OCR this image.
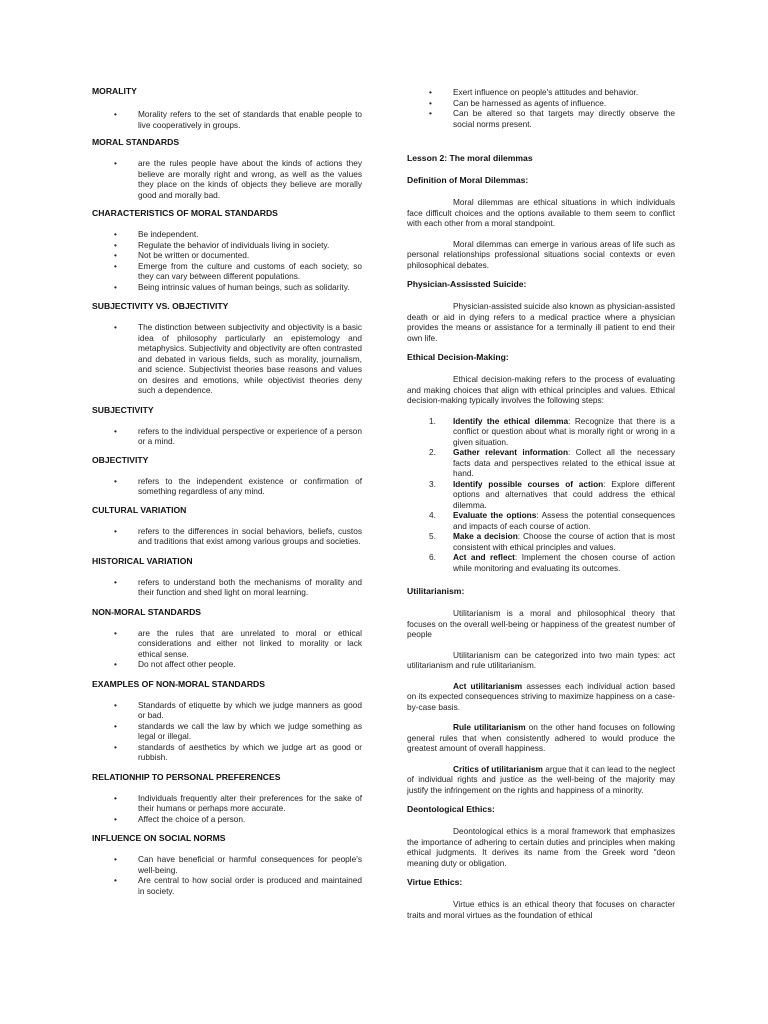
MORALITY

•	Morality refers to the set of standards that enable people to live cooperatively in groups.

MORAL STANDARDS

•	are the rules people have about the kinds of actions they believe are morally right and wrong, as well as the values they place on the kinds of objects they believe are morally good and morally bad.

CHARACTERISTICS OF MORAL STANDARDS

•	Be independent.
•	Regulate the behavior of individuals living in society.
•	Not be written or documented.
•	Emerge from the culture and customs of each society, so they can vary between different populations.
•	Being intrinsic values of human beings, such as solidarity.

SUBJECTIVITY VS. OBJECTIVITY

•	The distinction between subjectivity and objectivity is a basic idea of philosophy particularly an epistemology and metaphysics. Subjectivity and objectivity are often contrasted and debated in various fields, such as morality, journalism, and science. Subjectivist theories base reasons and values on desires and emotions, while objectivist theories deny such a dependence.

SUBJECTIVITY

•	refers to the individual perspective or experience of a person or a mind.

OBJECTIVITY

•	refers to the independent existence or confirmation of something regardless of any mind.

CULTURAL VARIATION

•	refers to the differences in social behaviors, beliefs, custos and traditions that exist among various groups and societies.

HISTORICAL VARIATION

•	refers to understand both the mechanisms of morality and their function and shed light on moral learning.

NON-MORAL STANDARDS

•	are the rules that are unrelated to moral or ethical considerations and either not linked to morality or lack ethical sense.
•	Do not affect other people.

EXAMPLES OF NON-MORAL STANDARDS

•	Standards of etiquette by which we judge manners as good or bad.
•	standards we call the law by which we judge something as legal or illegal.
•	standards of aesthetics by which we judge art as good or rubbish.

RELATIONHIP TO PERSONAL PREFERENCES

•	Individuals frequently alter their preferences for the sake of their humans or perhaps more accurate.
•	Affect the choice of a person.

INFLUENCE ON SOCIAL NORMS

•	Can have beneficial or harmful consequences for people's well-being.
•	Are central to how social order is produced and maintained in society.
•	Exert influence on people's attitudes and behavior.
•	Can be harnessed as agents of influence.
•	Can be altered so that targets may directly observe the social norms present.

Lesson 2: The moral dilemmas

Definition of Moral Dilemmas:

Moral dilemmas are ethical situations in which individuals face difficult choices and the options available to them seem to conflict with each other from a moral standpoint.

Moral dilemmas can emerge in various areas of life such as personal relationships professional situations social contexts or even philosophical debates.

Physician-Assissted Suicide:

Physician-assisted suicide also known as physician-assisted death or aid in dying refers to a medical practice where a physician provides the means or assistance for a terminally ill patient to end their own life.

Ethical Decision-Making:

Ethical decision-making refers to the process of evaluating and making choices that align with ethical principles and values. Ethical decision-making typically involves the following steps:

1. Identify the ethical dilemma: Recognize that there is a conflict or question about what is morally right or wrong in a given situation.
2. Gather relevant information: Collect all the necessary facts data and perspectives related to the ethical issue at hand.
3. Identify possible courses of action: Explore different options and alternatives that could address the ethical dilemma.
4. Evaluate the options: Assess the potential consequences and impacts of each course of action.
5. Make a decision: Choose the course of action that is most consistent with ethical principles and values.
6. Act and reflect: Implement the chosen course of action while monitoring and evaluating its outcomes.

Utilitarianism:

Utilitarianism is a moral and philosophical theory that focuses on the overall well-being or happiness of the greatest number of people

Utilitarianism can be categorized into two main types: act utilitarianism and rule utilitarianism.

Act utilitarianism assesses each individual action based on its expected consequences striving to maximize happiness on a case-by-case basis.

Rule utilitarianism on the other hand focuses on following general rules that when consistently adhered to would produce the greatest amount of overall happiness.

Critics of utilitarianism argue that it can lead to the neglect of individual rights and justice as the well-being of the majority may justify the infringement on the rights and happiness of a minority.

Deontological Ethics:

Deontological ethics is a moral framework that emphasizes the importance of adhering to certain duties and principles when making ethical judgments. It derives its name from the Greek word "deon meaning duty or obligation.

Virtue Ethics:

Virtue ethics is an ethical theory that focuses on character traits and moral virtues as the foundation of ethical
